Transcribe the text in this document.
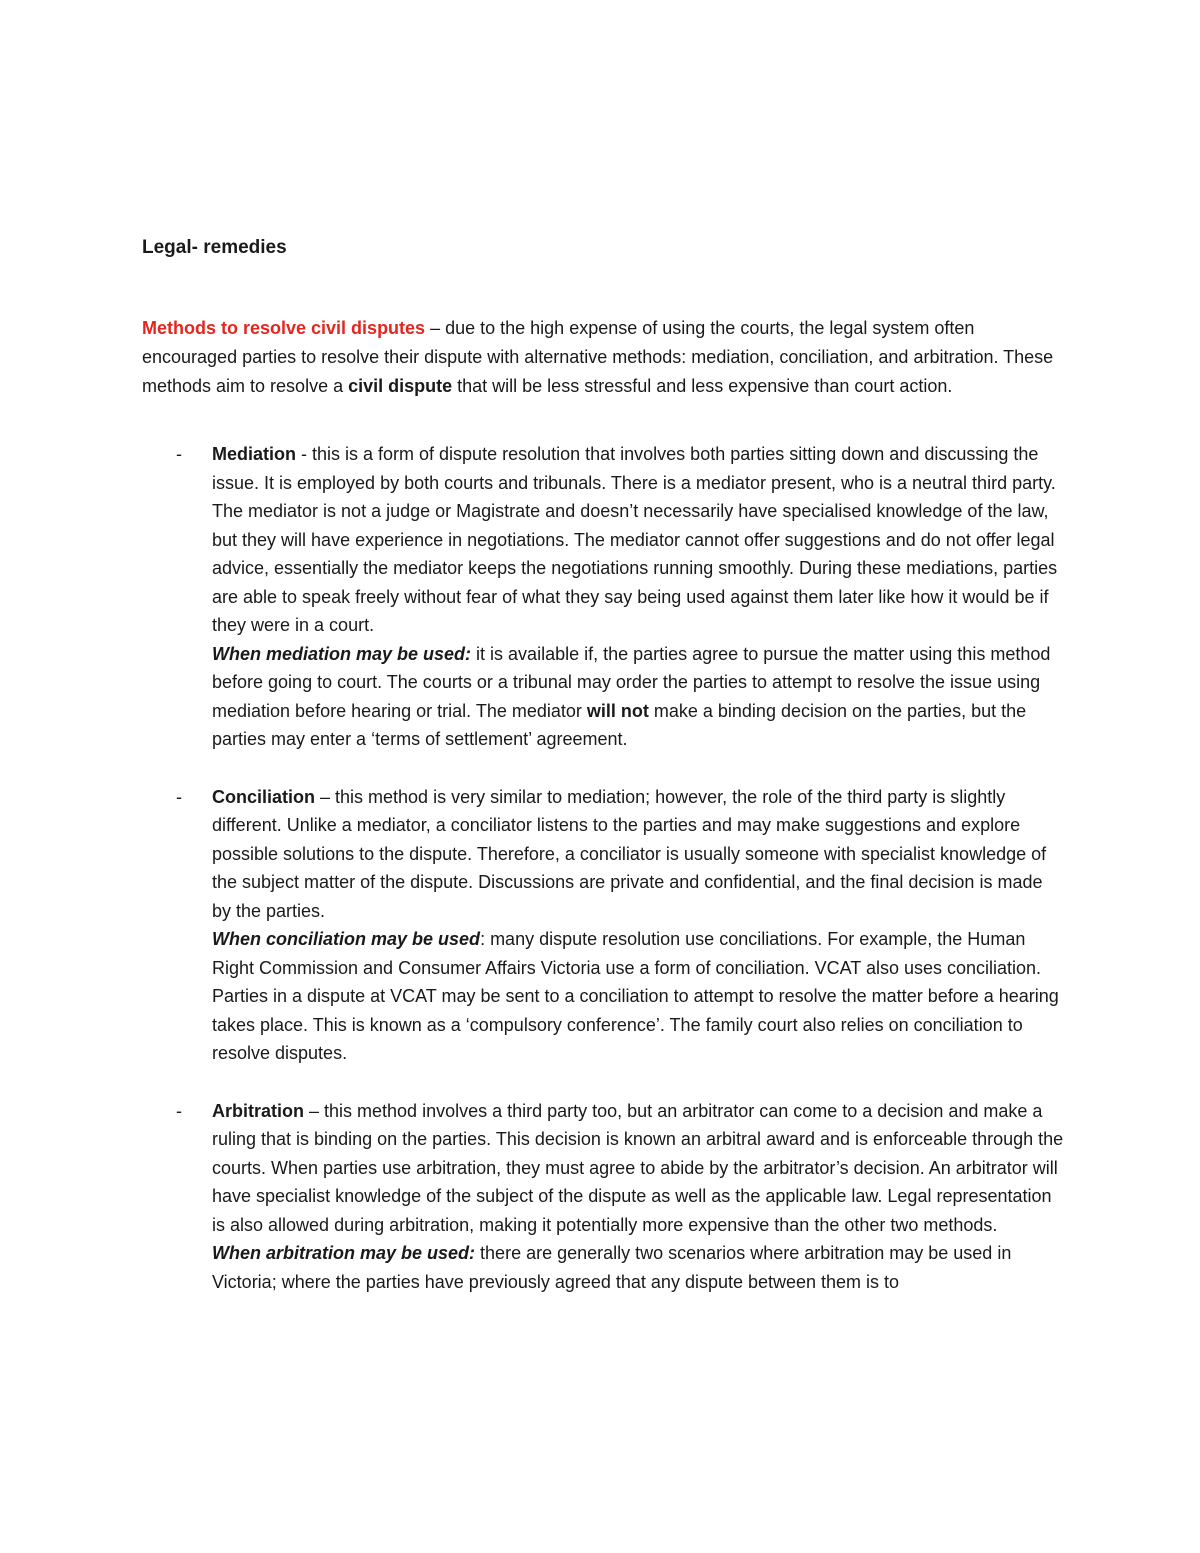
Legal- remedies

Methods to resolve civil disputes – due to the high expense of using the courts, the legal system often encouraged parties to resolve their dispute with alternative methods: mediation, conciliation, and arbitration. These methods aim to resolve a civil dispute that will be less stressful and less expensive than court action.

- Mediation - this is a form of dispute resolution that involves both parties sitting down and discussing the issue. It is employed by both courts and tribunals. There is a mediator present, who is a neutral third party. The mediator is not a judge or Magistrate and doesn’t necessarily have specialised knowledge of the law, but they will have experience in negotiations. The mediator cannot offer suggestions and do not offer legal advice, essentially the mediator keeps the negotiations running smoothly. During these mediations, parties are able to speak freely without fear of what they say being used against them later like how it would be if they were in a court.
When mediation may be used: it is available if, the parties agree to pursue the matter using this method before going to court. The courts or a tribunal may order the parties to attempt to resolve the issue using mediation before hearing or trial. The mediator will not make a binding decision on the parties, but the parties may enter a ‘terms of settlement’ agreement.
- Conciliation – this method is very similar to mediation; however, the role of the third party is slightly different. Unlike a mediator, a conciliator listens to the parties and may make suggestions and explore possible solutions to the dispute. Therefore, a conciliator is usually someone with specialist knowledge of the subject matter of the dispute. Discussions are private and confidential, and the final decision is made by the parties.
When conciliation may be used: many dispute resolution use conciliations. For example, the Human Right Commission and Consumer Affairs Victoria use a form of conciliation. VCAT also uses conciliation. Parties in a dispute at VCAT may be sent to a conciliation to attempt to resolve the matter before a hearing takes place. This is known as a ‘compulsory conference’. The family court also relies on conciliation to resolve disputes.
- Arbitration – this method involves a third party too, but an arbitrator can come to a decision and make a ruling that is binding on the parties. This decision is known an arbitral award and is enforceable through the courts. When parties use arbitration, they must agree to abide by the arbitrator’s decision. An arbitrator will have specialist knowledge of the subject of the dispute as well as the applicable law. Legal representation is also allowed during arbitration, making it potentially more expensive than the other two methods.
When arbitration may be used: there are generally two scenarios where arbitration may be used in Victoria; where the parties have previously agreed that any dispute between them is to
